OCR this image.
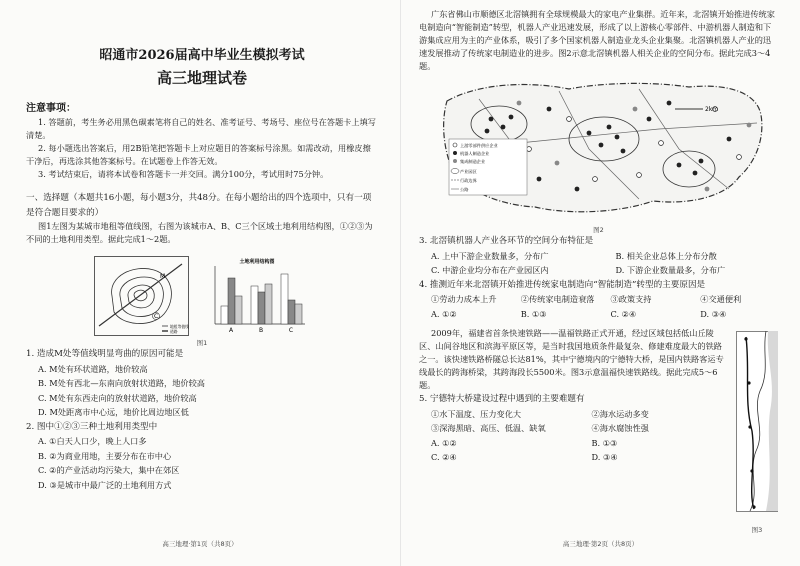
昭通市2026届高中毕业生模拟考试
高三地理试卷
注意事项：

1. 答题前，考生务必用黑色碳素笔将自己的姓名、准考证号、考场号、座位号在答题卡上填写清楚。

2. 每小题选出答案后，用2B铅笔把答题卡上对应题目的答案标号涂黑。如需改动，用橡皮擦干净后，再选涂其他答案标号。在试题卷上作答无效。

3. 考试结束后，请将本试卷和答题卡一并交回。满分100分，考试用时75分钟。

一、选择题（本题共16小题，每小题3分，共48分。在每小题给出的四个选项中，只有一项是符合题目要求的）

图1左图为某城市地租等值线图，右图为该城市A、B、C三个区域土地利用结构图，①②③为不同的土地利用类型。据此完成1～2题。

M
C
地租等值线
道路
土地利用结构图
A	B	C
图1
1. 造成M处等值线明显弯曲的原因可能是
A. M处有环状道路，地价较高
B. M处有西北—东南向放射状道路，地价较高
C. M处有东西走向的放射状道路，地价较高
D. M处距离市中心远，地价比周边地区低
2. 图中①②③三种土地利用类型中
A. ①白天人口少，晚上人口多
B. ②为商业用地，主要分布在市中心
C. ②的产业活动均污染大，集中在郊区
D. ③是城市中最广泛的土地利用方式
高三地理·第1页（共8页）

广东省佛山市顺德区北滘镇拥有全球规模最大的家电产业集群。近年来，北滘镇开始推进传统家电制造向“智能制造”转型，机器人产业迅速发展，形成了以上游核心零部件、中游机器人制造和下游集成应用为主的产业体系，吸引了多个国家机器人制造业龙头企业集聚。北滘镇机器人产业的迅速发展推动了传统家电制造业的进步。图2示意北滘镇机器人相关企业的空间分布。据此完成3～4题。

2km
上游零部件供应企业
机器人制造企业
集成制造企业
产业园区
行政边界
公路
图2
3. 北滘镇机器人产业各环节的空间分布特征是
A. 上中下游企业数量多，分布广	B. 相关企业总体上分布分散
C. 中游企业均分布在产业园区内	D. 下游企业数量最多，分布广
4. 推测近年来北滘镇开始推进传统家电制造向“智能制造”转型的主要原因是
①劳动力成本上升	②传统家电制造衰落	③政策支持	④交通便利
A. ①②	B. ①③	C. ②④	D. ③④

2009年，福建省首条快速铁路——温福铁路正式开通，经过区域包括低山丘陵区、山间谷地区和滨海平原区等，是当时我国地质条件最复杂、修建难度最大的铁路之一。该快速铁路桥隧总长达81%，其中宁德境内的宁德特大桥，是国内铁路客运专线最长的跨海桥梁，其跨海段长5500米。图3示意温福快速铁路线。据此完成5～6题。

5. 宁德特大桥建设过程中遇到的主要难题有
①水下温度、压力变化大	②海水运动多变
③深海黑暗、高压、低温、缺氧	④海水腐蚀性强
A. ①②	B. ①③
C. ②④	D. ③④
图3
高三地理·第2页（共8页）
